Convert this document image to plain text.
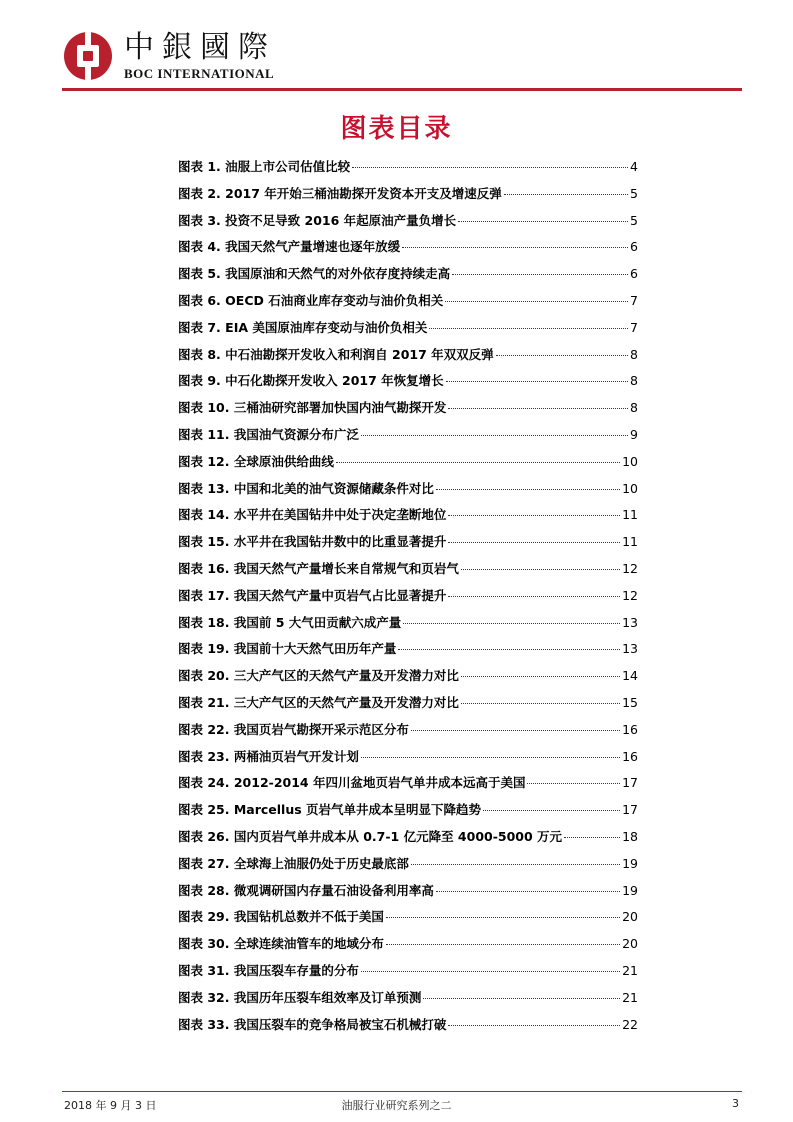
中銀國際
BOC INTERNATIONAL
图表目录
图表 1. 油服上市公司估值比较	4
图表 2. 2017 年开始三桶油勘探开发资本开支及增速反弹	5
图表 3. 投资不足导致 2016 年起原油产量负增长	5
图表 4. 我国天然气产量增速也逐年放缓	6
图表 5. 我国原油和天然气的对外依存度持续走高	6
图表 6. OECD 石油商业库存变动与油价负相关	7
图表 7. EIA 美国原油库存变动与油价负相关	7
图表 8. 中石油勘探开发收入和利润自 2017 年双双反弹	8
图表 9. 中石化勘探开发收入 2017 年恢复增长	8
图表 10. 三桶油研究部署加快国内油气勘探开发	8
图表 11. 我国油气资源分布广泛	9
图表 12. 全球原油供给曲线	10
图表 13. 中国和北美的油气资源储藏条件对比	10
图表 14. 水平井在美国钻井中处于决定垄断地位	11
图表 15. 水平井在我国钻井数中的比重显著提升	11
图表 16. 我国天然气产量增长来自常规气和页岩气	12
图表 17. 我国天然气产量中页岩气占比显著提升	12
图表 18. 我国前 5 大气田贡献六成产量	13
图表 19. 我国前十大天然气田历年产量	13
图表 20. 三大产气区的天然气产量及开发潜力对比	14
图表 21. 三大产气区的天然气产量及开发潜力对比	15
图表 22. 我国页岩气勘探开采示范区分布	16
图表 23. 两桶油页岩气开发计划	16
图表 24. 2012-2014 年四川盆地页岩气单井成本远高于美国	17
图表 25. Marcellus 页岩气单井成本呈明显下降趋势	17
图表 26. 国内页岩气单井成本从 0.7-1 亿元降至 4000-5000 万元	18
图表 27. 全球海上油服仍处于历史最底部	19
图表 28. 微观调研国内存量石油设备利用率高	19
图表 29. 我国钻机总数并不低于美国	20
图表 30. 全球连续油管车的地域分布	20
图表 31. 我国压裂车存量的分布	21
图表 32. 我国历年压裂车组效率及订单预测	21
图表 33. 我国压裂车的竞争格局被宝石机械打破	22
2018 年 9 月 3 日	油服行业研究系列之二	3
